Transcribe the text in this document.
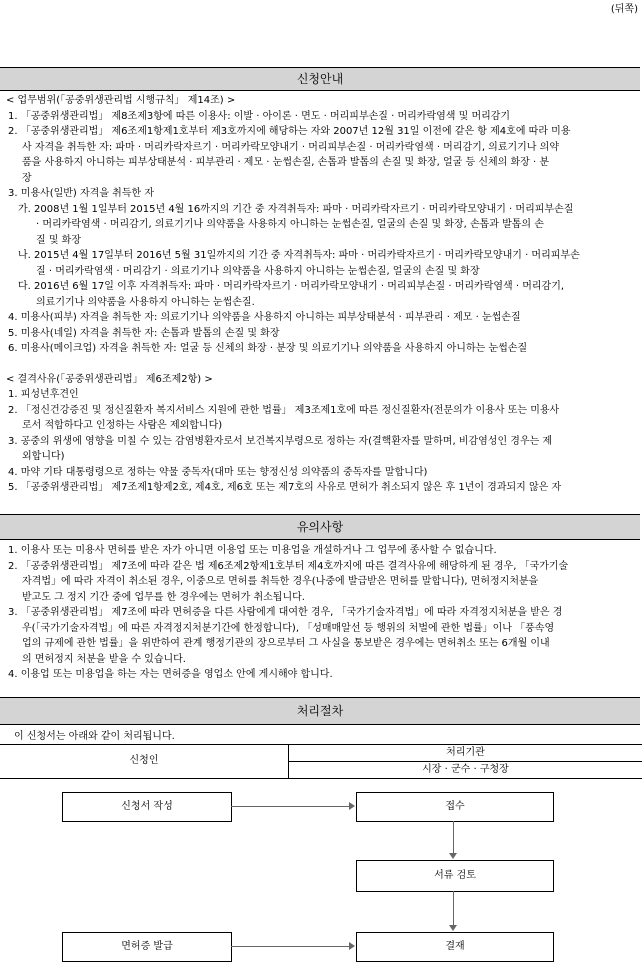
(뒤쪽)
신청안내
< 업무범위(「공중위생관리법 시행규칙」 제14조) >
1. 「공중위생관리법」 제8조제3항에 따른 이용사: 이발 · 아이론 · 면도 · 머리피부손질 · 머리카락염색 및 머리감기
2. 「공중위생관리법」 제6조제1항제1호부터 제3호까지에 해당하는 자와 2007년 12월 31일 이전에 같은 항 제4호에 따라 미용
사 자격을 취득한 자: 파마 · 머리카락자르기 · 머리카락모양내기 · 머리피부손질 · 머리카락염색 · 머리감기, 의료기기나 의약
품을 사용하지 아니하는 피부상태분석 · 피부관리 · 제모 · 눈썹손질, 손톱과 발톱의 손질 및 화장, 얼굴 등 신체의 화장 · 분
장
3. 미용사(일반) 자격을 취득한 자
가. 2008년 1월 1일부터 2015년 4월 16까지의 기간 중 자격취득자: 파마 · 머리카락자르기 · 머리카락모양내기 · 머리피부손질
· 머리카락염색 · 머리감기, 의료기기나 의약품을 사용하지 아니하는 눈썹손질, 얼굴의 손질 및 화장, 손톱과 발톱의 손
질 및 화장
나. 2015년 4월 17일부터 2016년 5월 31일까지의 기간 중 자격취득자: 파마 · 머리카락자르기 · 머리카락모양내기 · 머리피부손
질 · 머리카락염색 · 머리감기 · 의료기기나 의약품을 사용하지 아니하는 눈썹손질, 얼굴의 손질 및 화장
다. 2016년 6월 17일 이후 자격취득자: 파마 · 머리카락자르기 · 머리카락모양내기 · 머리피부손질 · 머리카락염색 · 머리감기,
의료기기나 의약품을 사용하지 아니하는 눈썹손질.
4. 미용사(피부) 자격을 취득한 자: 의료기기나 의약품을 사용하지 아니하는 피부상태분석 · 피부관리 · 제모 · 눈썹손질
5. 미용사(네일) 자격을 취득한 자: 손톱과 발톱의 손질 및 화장
6. 미용사(메이크업) 자격을 취득한 자: 얼굴 등 신체의 화장 · 분장 및 의료기기나 의약품을 사용하지 아니하는 눈썹손질
< 결격사유(「공중위생관리법」 제6조제2항) >
1. 피성년후견인
2. 「정신건강증진 및 정신질환자 복지서비스 지원에 관한 법률」 제3조제1호에 따른 정신질환자(전문의가 이용사 또는 미용사
로서 적합하다고 인정하는 사람은 제외합니다)
3. 공중의 위생에 영향을 미칠 수 있는 감염병환자로서 보건복지부령으로 정하는 자(결핵환자를 말하며, 비감염성인 경우는 제
외합니다)
4. 마약 기타 대통령령으로 정하는 약물 중독자(대마 또는 향정신성 의약품의 중독자를 말합니다)
5. 「공중위생관리법」 제7조제1항제2호, 제4호, 제6호 또는 제7호의 사유로 면허가 취소되지 않은 후 1년이 경과되지 않은 자
유의사항
1. 이용사 또는 미용사 면허를 받은 자가 아니면 이용업 또는 미용업을 개설하거나 그 업무에 종사할 수 없습니다.
2. 「공중위생관리법」 제7조에 따라 같은 법 제6조제2항제1호부터 제4호까지에 따른 결격사유에 해당하게 된 경우, 「국가기술
자격법」에 따라 자격이 취소된 경우, 이중으로 면허를 취득한 경우(나중에 발급받은 면허를 말합니다), 면허정지처분을
받고도 그 정지 기간 중에 업무를 한 경우에는 면허가 취소됩니다.
3. 「공중위생관리법」 제7조에 따라 면허증을 다른 사람에게 대여한 경우, 「국가기술자격법」에 따라 자격정지처분을 받은 경
우(「국가기술자격법」에 따른 자격정지처분기간에 한정합니다), 「성매매알선 등 행위의 처벌에 관한 법률」이나 「풍속영
업의 규제에 관한 법률」을 위반하여 관계 행정기관의 장으로부터 그 사실을 통보받은 경우에는 면허취소 또는 6개월 이내
의 면허정지 처분을 받을 수 있습니다.
4. 이용업 또는 미용업을 하는 자는 면허증을 영업소 안에 게시해야 합니다.
처리절차
이 신청서는 아래와 같이 처리됩니다.
신청인
처리기관
시장 · 군수 · 구청장
신청서 작성	접수
서류 검토
면허증 발급	결재
